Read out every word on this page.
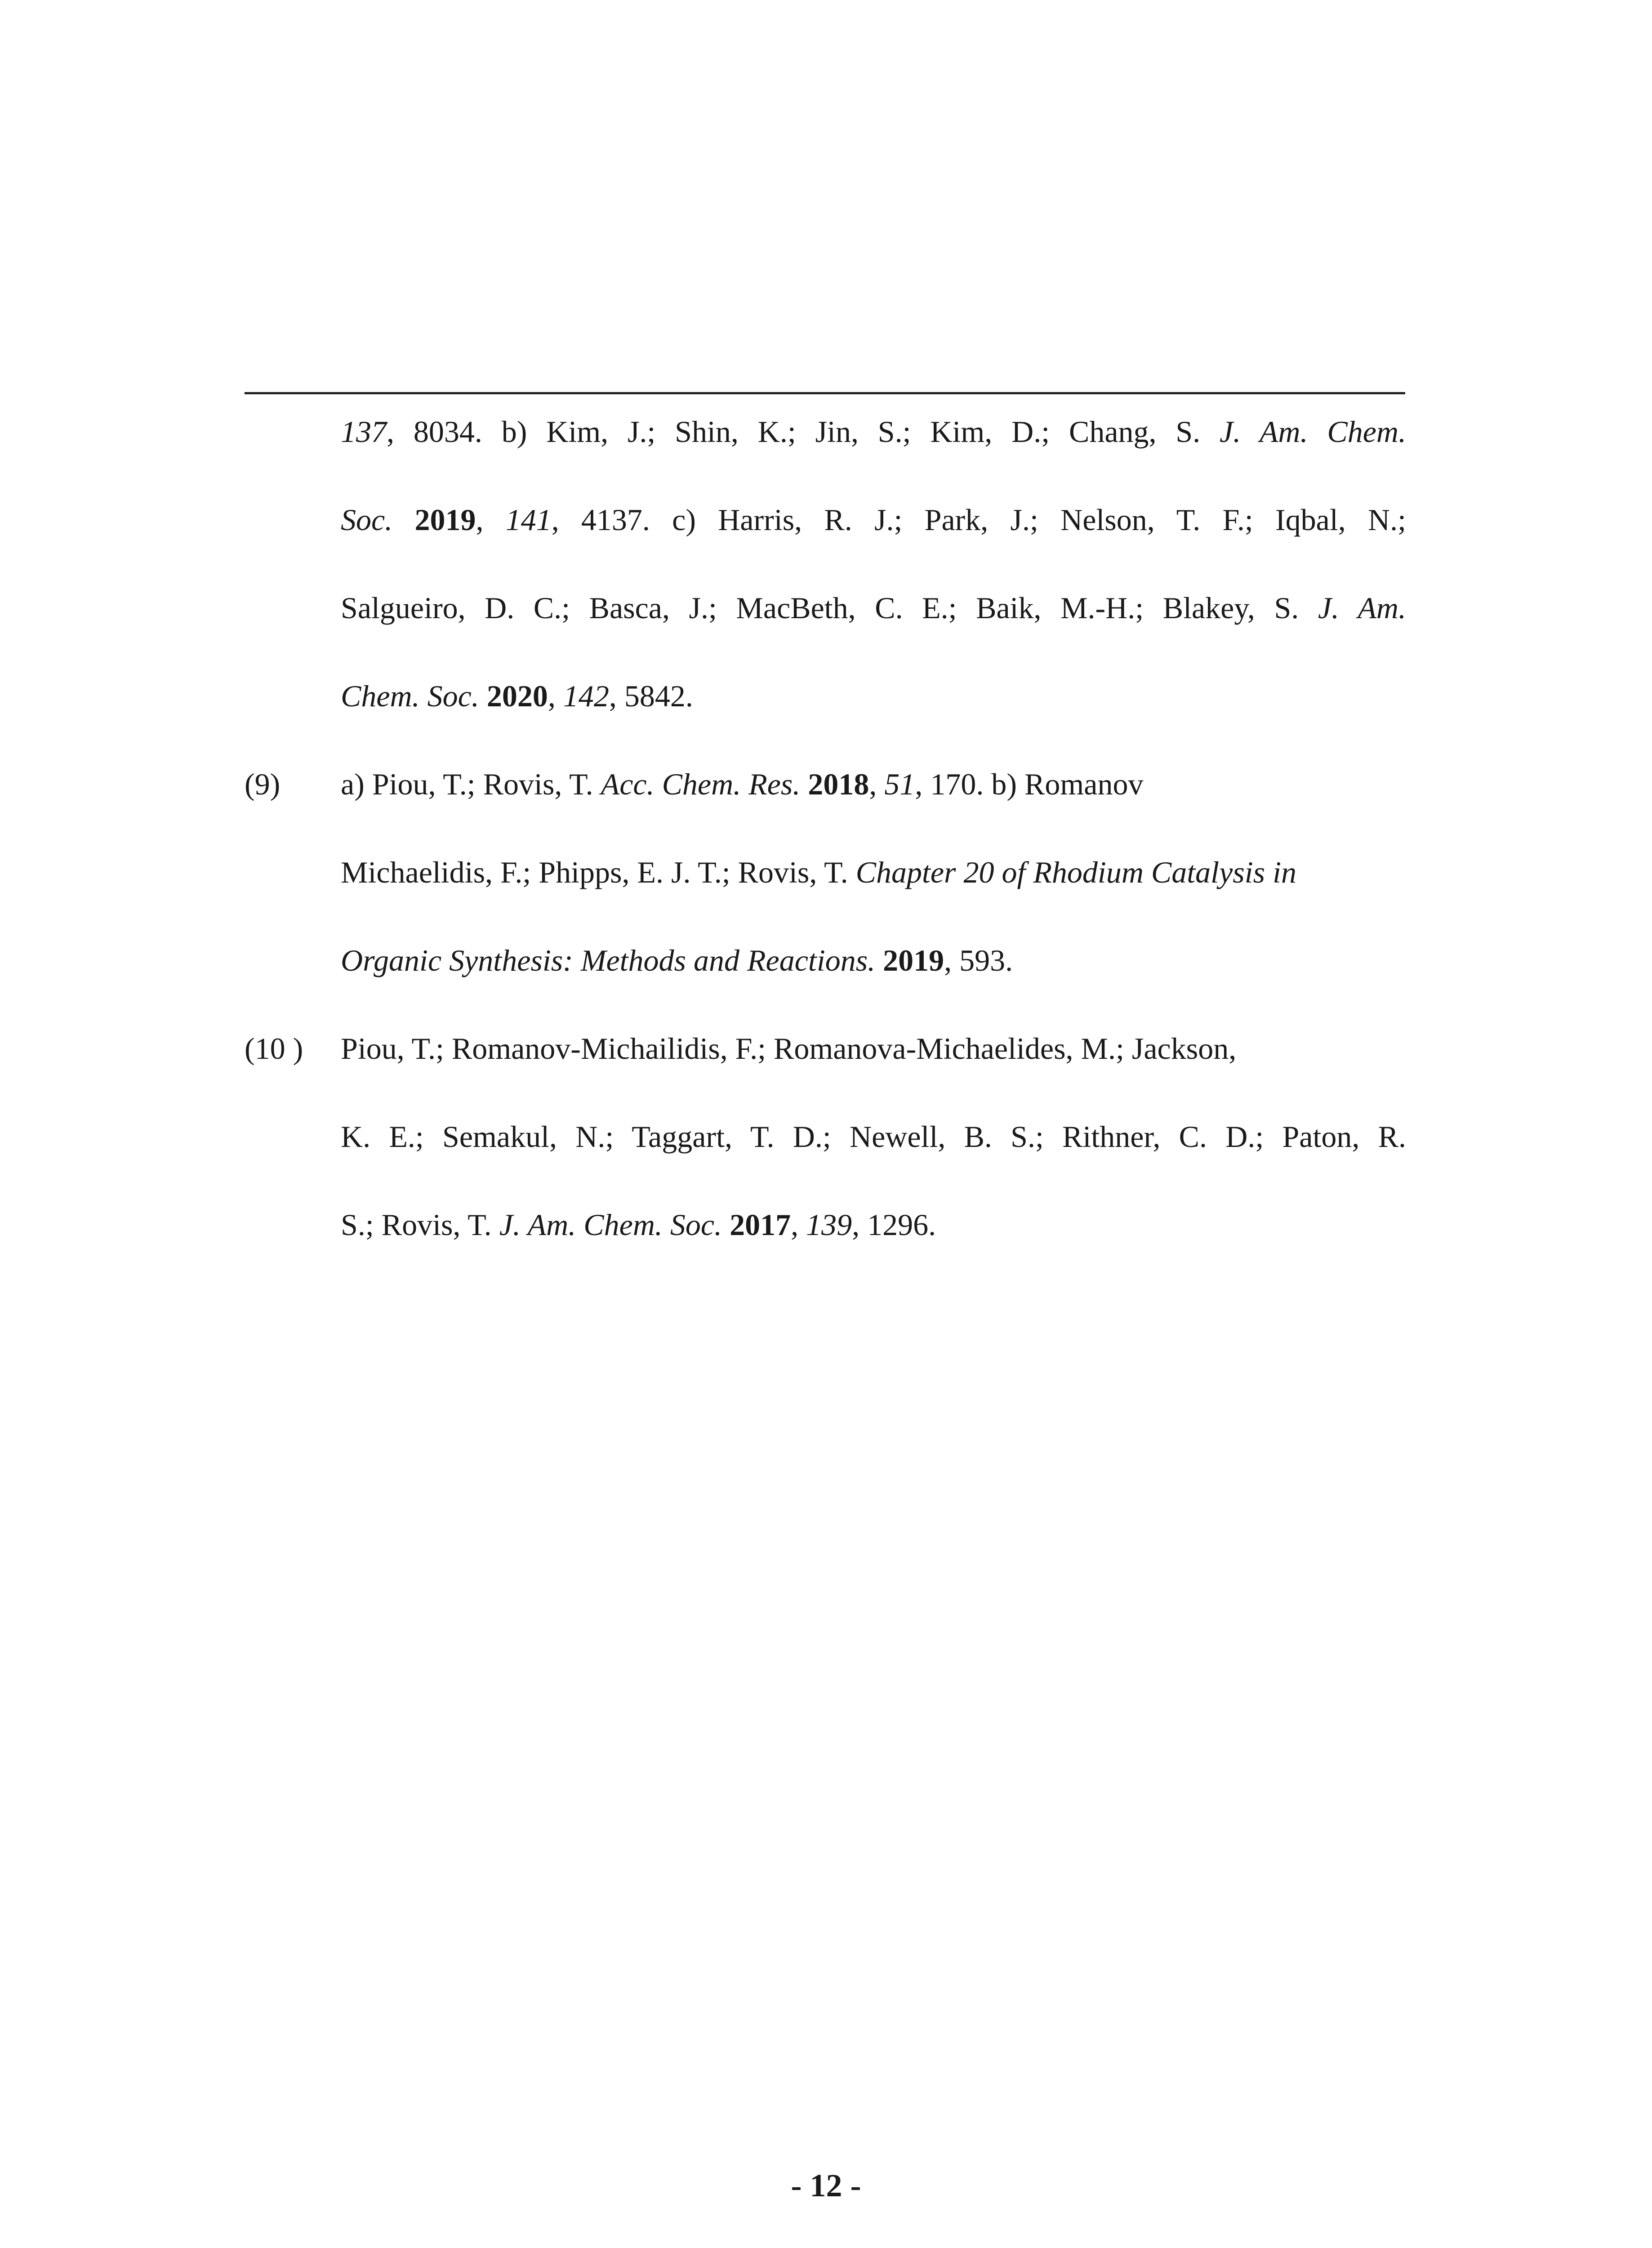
137, 8034. b) Kim, J.; Shin, K.; Jin, S.; Kim, D.; Chang, S. J. Am. Chem.
Soc. 2019, 141, 4137. c) Harris, R. J.; Park, J.; Nelson, T. F.; Iqbal, N.;
Salgueiro, D. C.; Basca, J.; MacBeth, C. E.; Baik, M.-H.; Blakey, S. J. Am.
Chem. Soc. 2020, 142, 5842.
(9) a) Piou, T.; Rovis, T. Acc. Chem. Res. 2018, 51, 170. b) Romanov
Michaelidis, F.; Phipps, E. J. T.; Rovis, T. Chapter 20 of Rhodium Catalysis in
Organic Synthesis: Methods and Reactions. 2019, 593.
(10 ) Piou, T.; Romanov-Michailidis, F.; Romanova-Michaelides, M.; Jackson,
K. E.; Semakul, N.; Taggart, T. D.; Newell, B. S.; Rithner, C. D.; Paton, R.
S.; Rovis, T. J. Am. Chem. Soc. 2017, 139, 1296.
- 12 -
